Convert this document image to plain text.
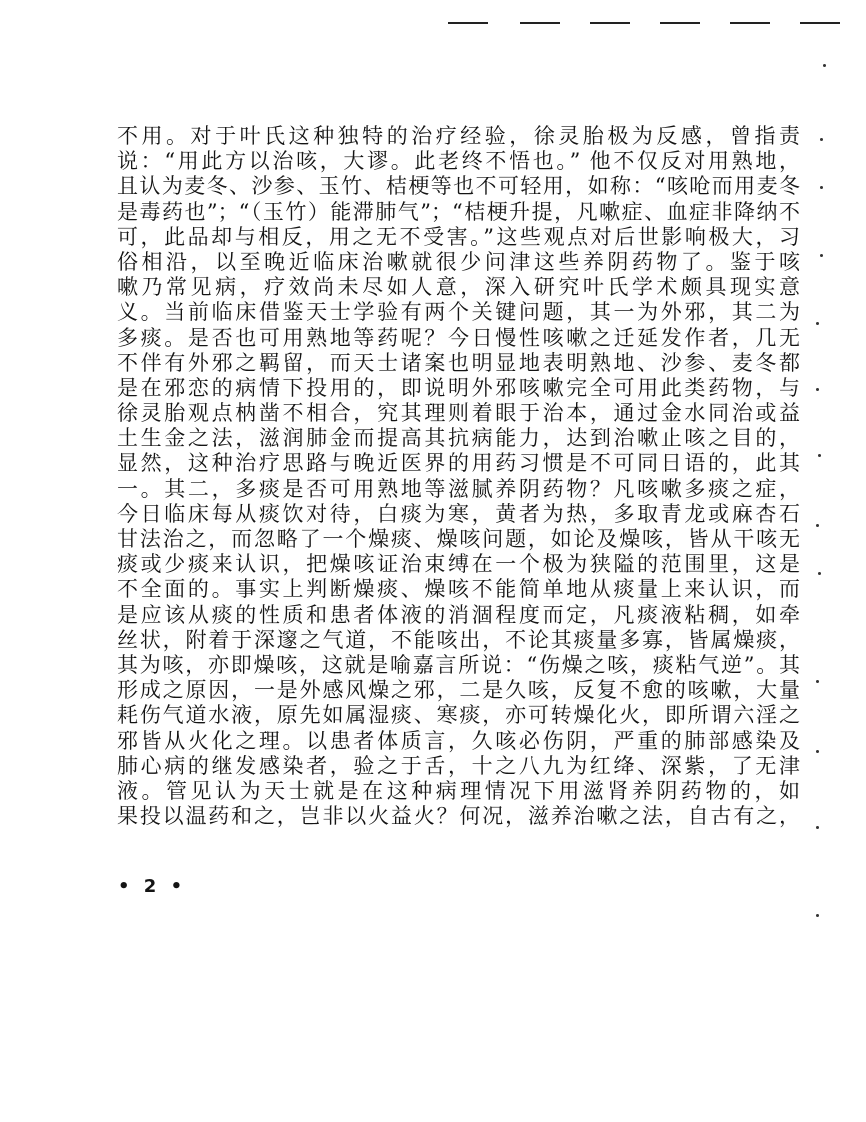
不用。对于叶氏这种独特的治疗经验，徐灵胎极为反感，曾指责
说：“用此方以治咳，大谬。此老终不悟也。” 他不仅反对用熟地，
且认为麦冬、沙参、玉竹、桔梗等也不可轻用，如称：“咳呛而用麦冬
是毒药也”；“（玉竹）能滞肺气”；“桔梗升提，凡嗽症、血症非降纳不
可，此品却与相反，用之无不受害。”这些观点对后世影响极大，习
俗相沿，以至晚近临床治嗽就很少问津这些养阴药物了。鉴于咳
嗽乃常见病，疗效尚未尽如人意，深入研究叶氏学术颇具现实意
义。当前临床借鉴天士学验有两个关键问题，其一为外邪，其二为
多痰。是否也可用熟地等药呢？今日慢性咳嗽之迁延发作者，几无
不伴有外邪之羁留，而天士诸案也明显地表明熟地、沙参、麦冬都
是在邪恋的病情下投用的，即说明外邪咳嗽完全可用此类药物，与
徐灵胎观点枘凿不相合，究其理则着眼于治本，通过金水同治或益
土生金之法，滋润肺金而提高其抗病能力，达到治嗽止咳之目的，
显然，这种治疗思路与晚近医界的用药习惯是不可同日语的，此其
一。其二，多痰是否可用熟地等滋腻养阴药物？凡咳嗽多痰之症，
今日临床每从痰饮对待，白痰为寒，黄者为热，多取青龙或麻杏石
甘法治之，而忽略了一个燥痰、燥咳问题，如论及燥咳，皆从干咳无
痰或少痰来认识，把燥咳证治束缚在一个极为狭隘的范围里，这是
不全面的。事实上判断燥痰、燥咳不能简单地从痰量上来认识，而
是应该从痰的性质和患者体液的消涸程度而定，凡痰液粘稠，如牵
丝状，附着于深邃之气道，不能咳出，不论其痰量多寡，皆属燥痰，
其为咳，亦即燥咳，这就是喻嘉言所说：“伤燥之咳，痰粘气逆”。其
形成之原因，一是外感风燥之邪，二是久咳，反复不愈的咳嗽，大量
耗伤气道水液，原先如属湿痰、寒痰，亦可转燥化火，即所谓六淫之
邪皆从火化之理。以患者体质言，久咳必伤阴，严重的肺部感染及
肺心病的继发感染者，验之于舌，十之八九为红绛、深紫，了无津
液。管见认为天士就是在这种病理情况下用滋肾养阴药物的，如
果投以温药和之，岂非以火益火？何况，滋养治嗽之法，自古有之，
• 2 •
